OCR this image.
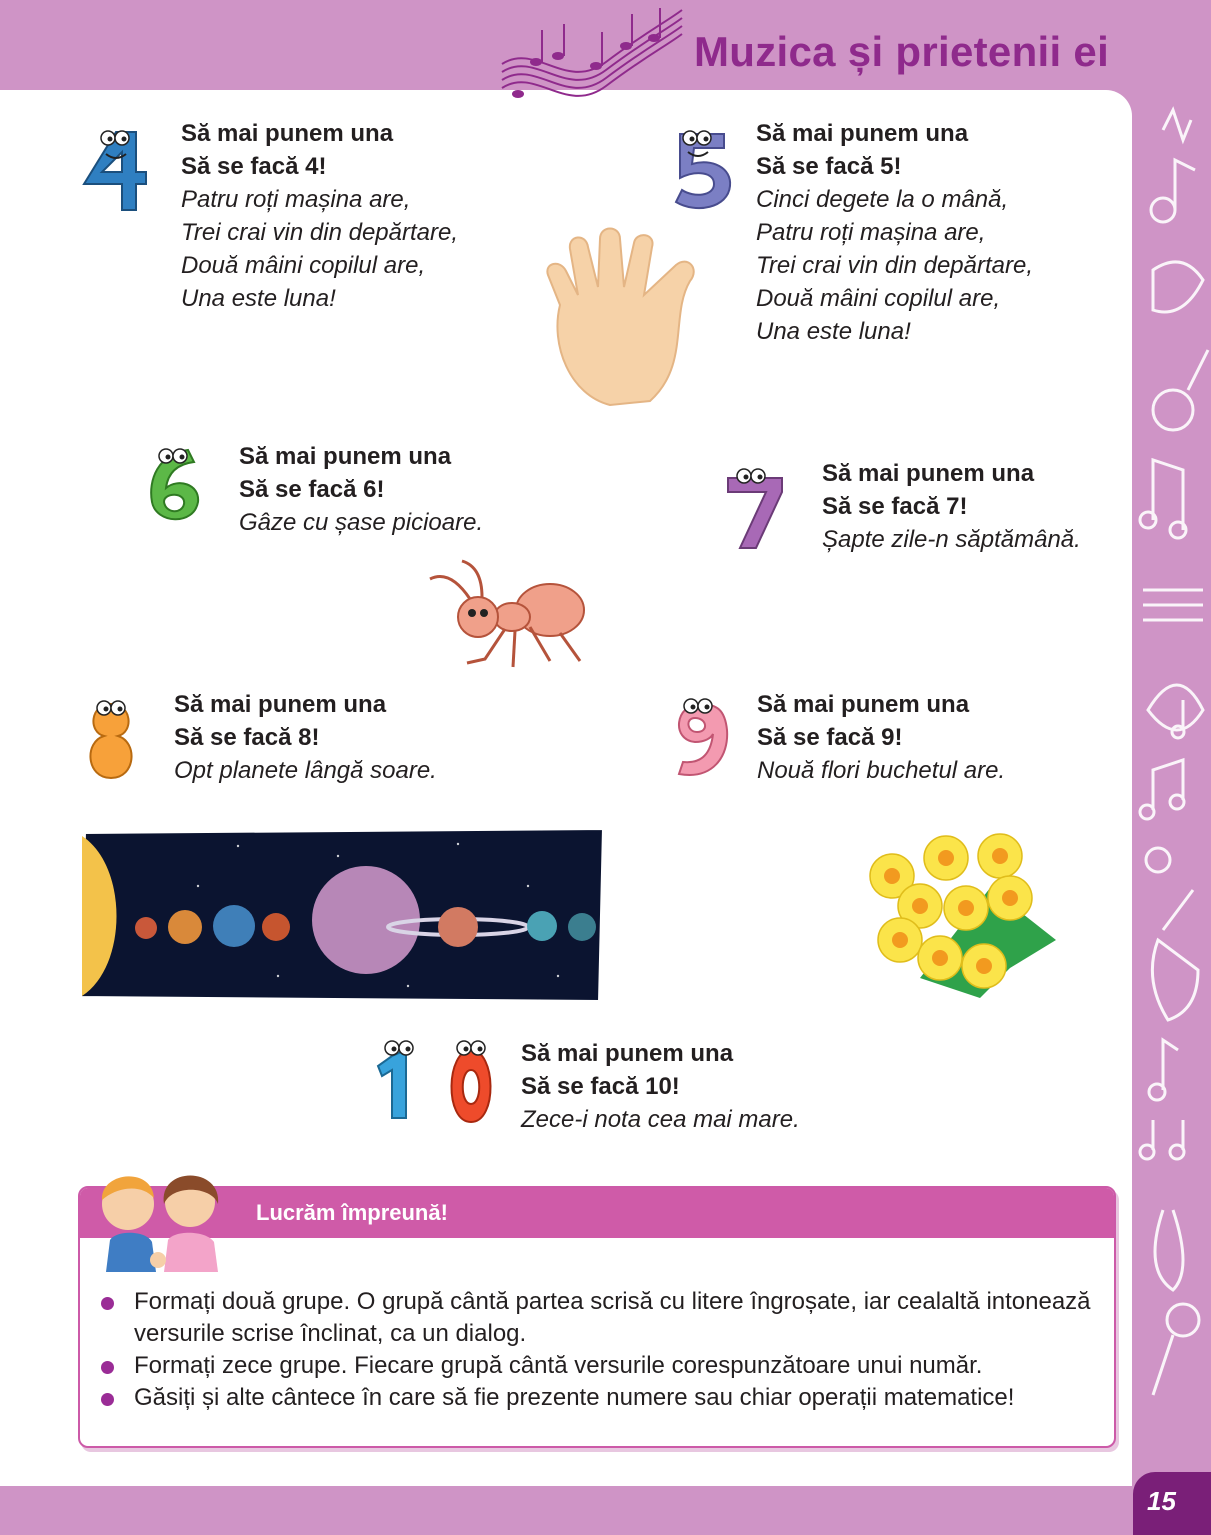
Muzica și prietenii ei
Să mai punem una
Să se facă 4!
Patru roți mașina are,
Trei crai vin din depărtare,
Două mâini copilul are,
Una este luna!
Să mai punem una
Să se facă 5!
Cinci degete la o mână,
Patru roți mașina are,
Trei crai vin din depărtare,
Două mâini copilul are,
Una este luna!
Să mai punem una
Să se facă 6!
Gâze cu șase picioare.
Să mai punem una
Să se facă 7!
Șapte zile-n săptămână.
Să mai punem una
Să se facă 8!
Opt planete lângă soare.
Să mai punem una
Să se facă 9!
Nouă flori buchetul are.
Să mai punem una
Să se facă 10!
Zece-i nota cea mai mare.
Lucrăm împreună!
Formați două grupe. O grupă cântă partea scrisă cu litere îngroșate, iar cealaltă intonează versurile scrise înclinat, ca un dialog.
Formați zece grupe. Fiecare grupă cântă versurile corespunzătoare unui număr.
Găsiți și alte cântece în care să fie prezente numere sau chiar operații matematice!
15
